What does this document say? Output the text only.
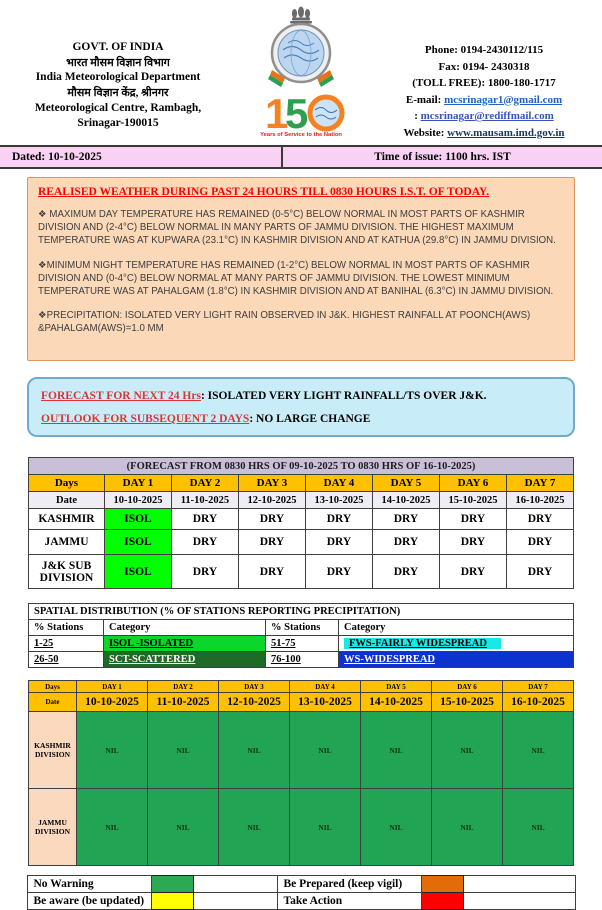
GOVT. OF INDIA
भारत मौसम विज्ञान विभाग
India Meteorological Department
मौसम विज्ञान केंद्र, श्रीनगर
Meteorological Centre, Rambagh,
Srinagar-190015	1
5
Years of Service to the Nation
Phone: 0194-2430112/115
Fax: 0194- 2430318
(TOLL FREE): 1800-180-1717
E-mail: mcsrinagar1@gmail.com
: mcsrinagar@rediffmail.com
Website: www.mausam.imd.gov.in
Dated: 10-10-2025	Time of issue: 1100 hrs. IST
REALISED WEATHER DURING PAST 24 HOURS TILL 0830 HOURS I.S.T. OF TODAY.

❖ MAXIMUM DAY TEMPERATURE HAS REMAINED (0-5°C) BELOW NORMAL IN MOST PARTS OF KASHMIR DIVISION AND (2-4°C) BELOW NORMAL IN MANY PARTS OF JAMMU DIVISION. THE HIGHEST MAXIMUM TEMPERATURE WAS AT KUPWARA (23.1°C) IN KASHMIR DIVISION AND AT KATHUA (29.8°C) IN JAMMU DIVISION.

❖MINIMUM NIGHT TEMPERATURE HAS REMAINED (1-2°C) BELOW NORMAL IN MOST PARTS OF KASHMIR DIVISION AND (0-4°C) BELOW NORMAL AT MANY PARTS OF JAMMU DIVISION. THE LOWEST MINIMUM TEMPERATURE WAS AT PAHALGAM (1.8°C) IN KASHMIR DIVISION AND AT BANIHAL (6.3°C) IN JAMMU DIVISION.

❖PRECIPITATION: ISOLATED VERY LIGHT RAIN OBSERVED IN J&K. HIGHEST RAINFALL AT POONCH(AWS) &PAHALGAM(AWS)=1.0 MM

FORECAST FOR NEXT 24 Hrs: ISOLATED VERY LIGHT RAINFALL/TS OVER J&K.
OUTLOOK FOR SUBSEQUENT 2 DAYS: NO LARGE CHANGE
(FORECAST FROM 0830 HRS OF 09-10-2025 TO 0830 HRS OF 16-10-2025)							
Days	DAY 1	DAY 2	DAY 3	DAY 4	DAY 5	DAY 6	DAY 7
Date	10-10-2025	11-10-2025	12-10-2025	13-10-2025	14-10-2025	15-10-2025	16-10-2025
KASHMIR	ISOL	DRY	DRY	DRY	DRY	DRY	DRY
JAMMU	ISOL	DRY	DRY	DRY	DRY	DRY	DRY
J&K SUB DIVISION	ISOL	DRY	DRY	DRY	DRY	DRY	DRY
SPATIAL DISTRIBUTION (% OF STATIONS REPORTING PRECIPITATION)			
% Stations	Category	% Stations	Category
1-25	ISOL -ISOLATED	51-75	FWS-FAIRLY WIDESPREAD
26-50	SCT-SCATTERED	76-100	WS-WIDESPREAD
Days	DAY 1	DAY 2	DAY 3	DAY 4	DAY 5	DAY 6	DAY 7
Date	10-10-2025	11-10-2025	12-10-2025	13-10-2025	14-10-2025	15-10-2025	16-10-2025
KASHMIR DIVISION	NIL	NIL	NIL	NIL	NIL	NIL	NIL
JAMMU DIVISION	NIL	NIL	NIL	NIL	NIL	NIL	NIL
No Warning			Be Prepared (keep vigil)		
Be aware (be updated)			Take Action		
